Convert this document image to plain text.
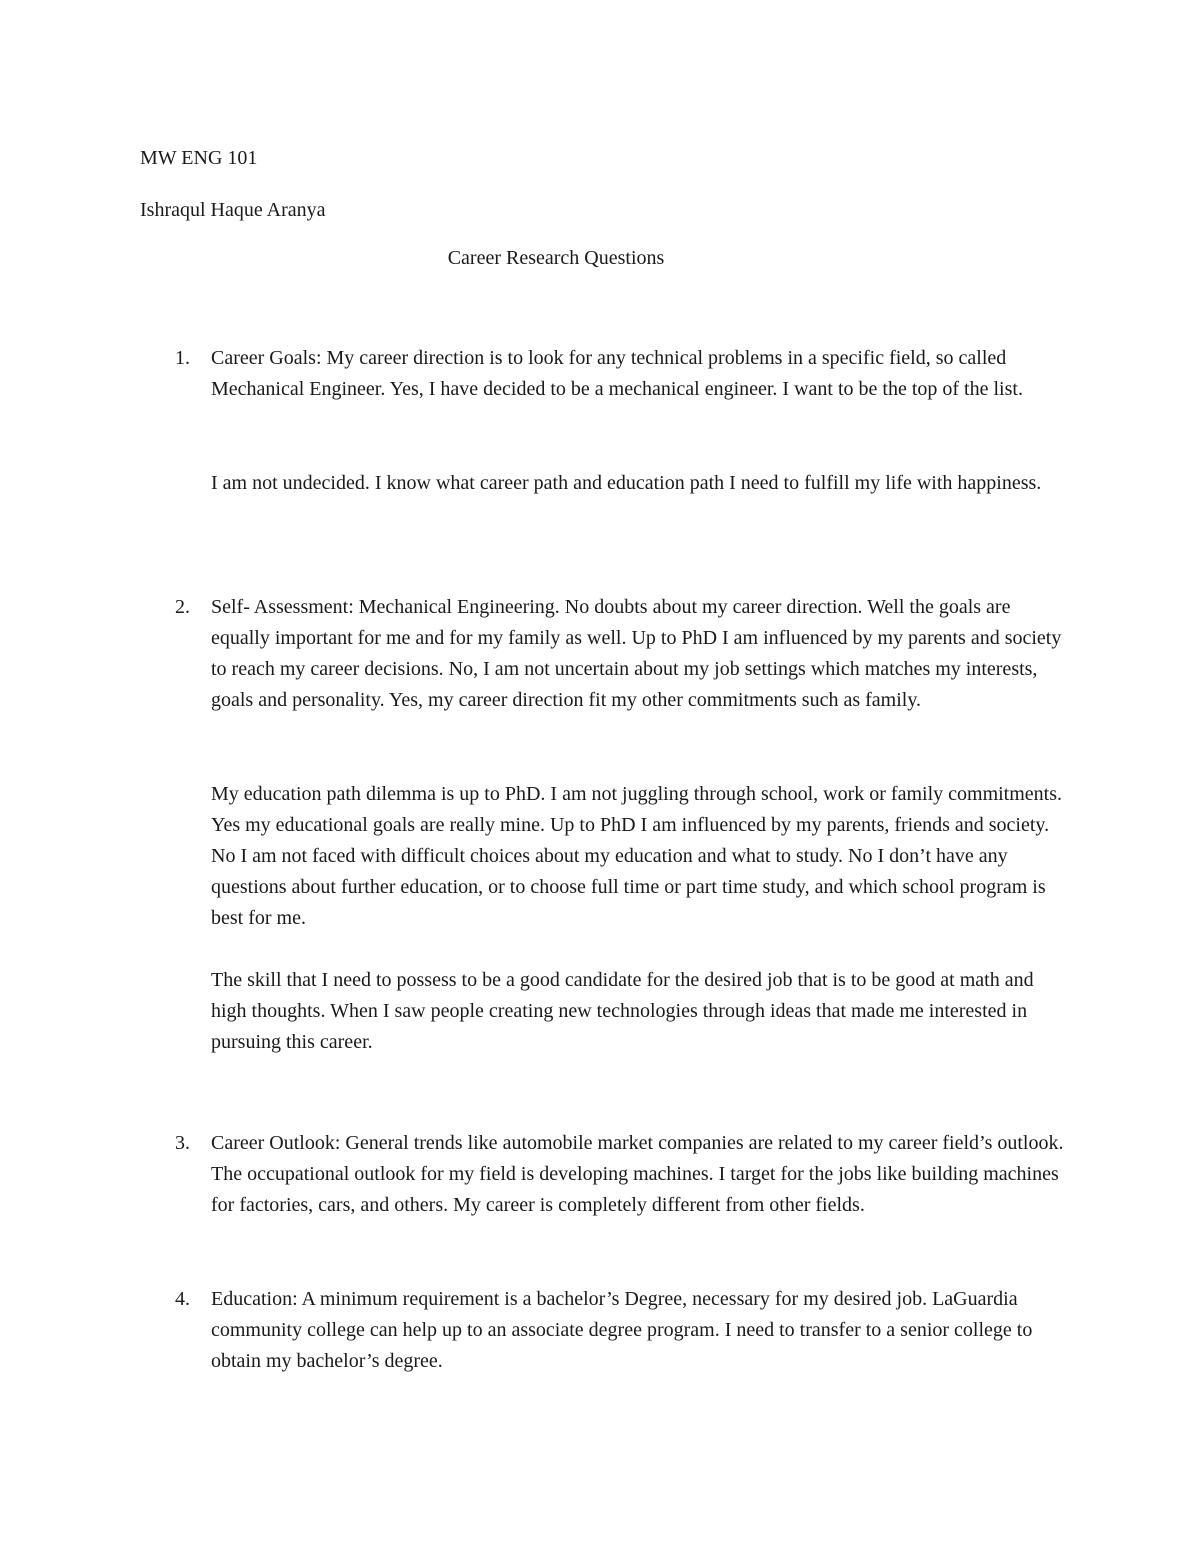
MW ENG 101
Ishraqul Haque Aranya
Career Research Questions
1.	Career Goals: My career direction is to look for any technical problems in a specific field, so called Mechanical Engineer. Yes, I have decided to be a mechanical engineer. I want to be the top of the list.

I am not undecided. I know what career path and education path I need to fulfill my life with happiness.

2.	Self- Assessment: Mechanical Engineering. No doubts about my career direction. Well the goals are equally important for me and for my family as well. Up to PhD I am influenced by my parents and society to reach my career decisions. No, I am not uncertain about my job settings which matches my interests, goals and personality. Yes, my career direction fit my other commitments such as family.

My education path dilemma is up to PhD. I am not juggling through school, work or family commitments. Yes my educational goals are really mine. Up to PhD I am influenced by my parents, friends and society. No I am not faced with difficult choices about my education and what to study. No I don’t have any questions about further education, or to choose full time or part time study, and which school program is best for me.

The skill that I need to possess to be a good candidate for the desired job that is to be good at math and high thoughts. When I saw people creating new technologies through ideas that made me interested in pursuing this career.

3.	Career Outlook: General trends like automobile market companies are related to my career field’s outlook. The occupational outlook for my field is developing machines. I target for the jobs like building machines for factories, cars, and others. My career is completely different from other fields.

4.	Education: A minimum requirement is a bachelor’s Degree, necessary for my desired job. LaGuardia community college can help up to an associate degree program. I need to transfer to a senior college to obtain my bachelor’s degree.
